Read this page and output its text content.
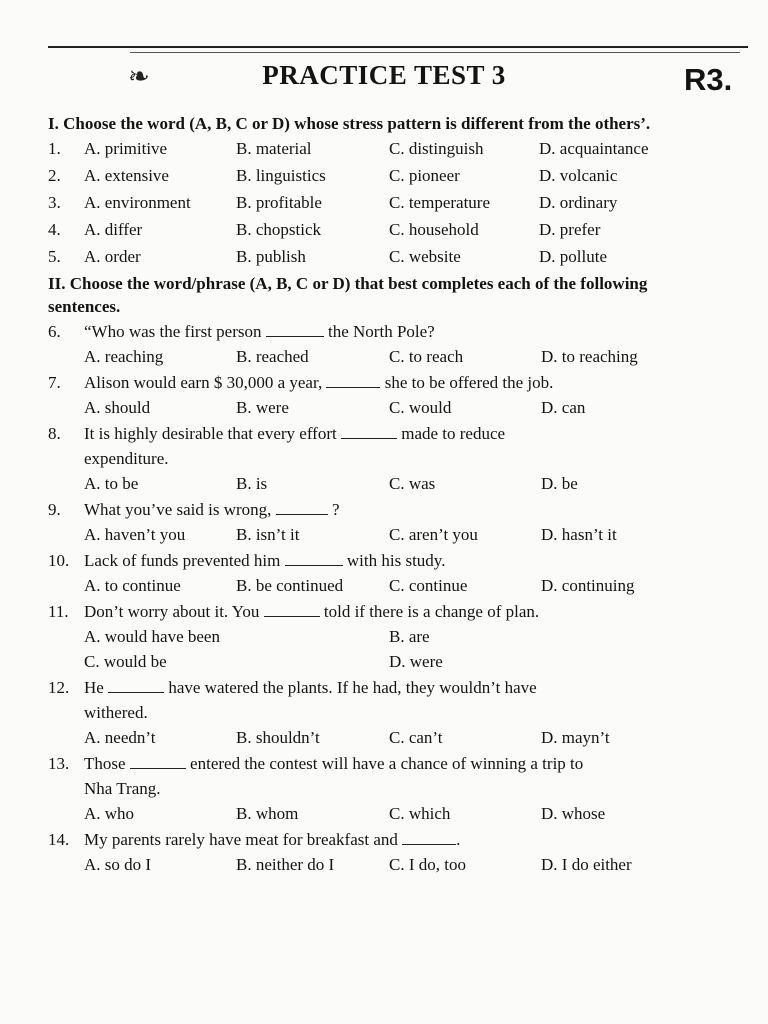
❧	PRACTICE TEST 3	R3.
I. Choose the word (A, B, C or D) whose stress pattern is different from the others’.
1.	A. primitive	B. material	C. distinguish	D. acquaintance
2.	A. extensive	B. linguistics	C. pioneer	D. volcanic
3.	A. environment	B. profitable	C. temperature	D. ordinary
4.	A. differ	B. chopstick	C. household	D. prefer
5.	A. order	B. publish	C. website	D. pollute
II. Choose the word/phrase (A, B, C or D) that best completes each of the following sentences.
6.	“Who was the first person	the North Pole?
A. reaching	B. reached	C. to reach	D. to reaching
7.	Alison would earn $ 30,000 a year,	she to be offered the job.
A. should	B. were	C. would	D. can
8.	It is highly desirable that every effort	made to reduce
expenditure.
A. to be	B. is	C. was	D. be
9.	What you’ve said is wrong,	?
A. haven’t you	B. isn’t it	C. aren’t you	D. hasn’t it
10. Lack of funds prevented him	with his study.
A. to continue	B. be continued	C. continue	D. continuing
11. Don’t worry about it. You	told if there is a change of plan.
A. would have been	B. are
C. would be	D. were
12. He	have watered the plants. If he had, they wouldn’t have
withered.
A. needn’t	B. shouldn’t	C. can’t	D. mayn’t
13. Those	entered the contest will have a chance of winning a trip to
Nha Trang.
A. who	B. whom	C. which	D. whose
14. My parents rarely have meat for breakfast and	.
A. so do I	B. neither do I	C. I do, too	D. I do either
